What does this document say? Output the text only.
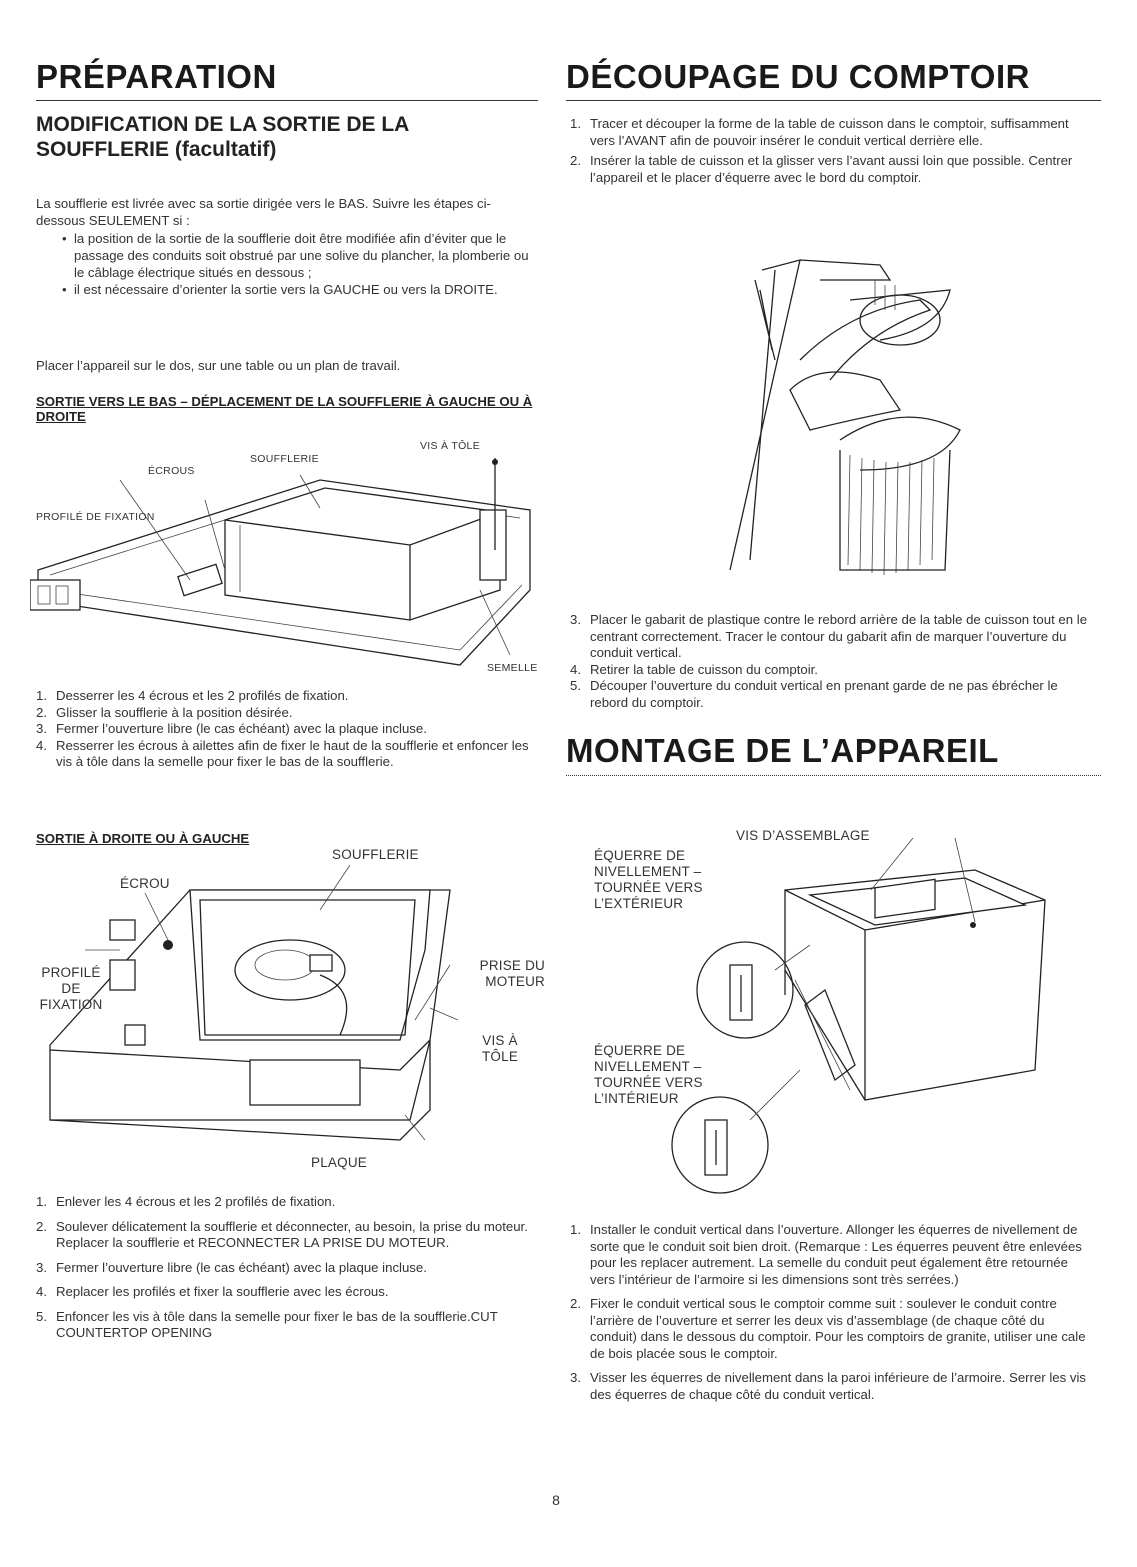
PRÉPARATION
MODIFICATION DE LA SORTIE DE LA SOUFFLERIE (facultatif)
La soufflerie est livrée avec sa sortie dirigée vers le BAS. Suivre les étapes ci-dessous SEULEMENT si :
• la position de la sortie de la soufflerie doit être modifiée afin d’éviter que le passage des conduits soit obstrué par une solive du plancher, la plomberie ou le câblage électrique situés en dessous ;
• il est nécessaire d’orienter la sortie vers la GAUCHE ou vers la DROITE.
Placer l’appareil sur le dos, sur une table ou un plan de travail.
SORTIE VERS LE BAS – DÉPLACEMENT DE LA SOUFFLERIE À GAUCHE OU À DROITE
VIS À TÔLE
SOUFFLERIE
ÉCROUS
PROFILÉ DE FIXATION
SEMELLE
1. Desserrer les 4 écrous et les 2 profilés de fixation.
2. Glisser la soufflerie à la position désirée.
3. Fermer l’ouverture libre (le cas échéant) avec la plaque incluse.
4. Resserrer les écrous à ailettes afin de fixer le haut de la soufflerie et enfoncer les vis à tôle dans la semelle pour fixer le bas de la soufflerie.
SORTIE À DROITE OU À GAUCHE
SOUFFLERIE
ÉCROU
PROFILÉ DE FIXATION
PRISE DU MOTEUR
VIS À TÔLE
PLAQUE
1. Enlever les 4 écrous et les 2 profilés de fixation.
2. Soulever délicatement la soufflerie et déconnecter, au besoin, la prise du moteur. Replacer la soufflerie et RECONNECTER LA PRISE DU MOTEUR.
3. Fermer l’ouverture libre (le cas échéant) avec la plaque incluse.
4. Replacer les profilés et fixer la soufflerie avec les écrous.
5. Enfoncer les vis à tôle dans la semelle pour fixer le bas de la soufflerie.CUT COUNTERTOP OPENING
DÉCOUPAGE DU COMPTOIR
1. Tracer et découper la forme de la table de cuisson dans le comptoir, suffisamment vers l’AVANT afin de pouvoir insérer le conduit vertical derrière elle.
2. Insérer la table de cuisson et la glisser vers l’avant aussi loin que possible. Centrer l’appareil et le placer d’équerre avec le bord du comptoir.
3. Placer le gabarit de plastique contre le rebord arrière de la table de cuisson tout en le centrant correctement. Tracer le contour du gabarit afin de marquer l’ouverture du conduit vertical.
4. Retirer la table de cuisson du comptoir.
5. Découper l’ouverture du conduit vertical en prenant garde de ne pas ébrécher le rebord du comptoir.
MONTAGE DE L’APPAREIL
VIS D’ASSEMBLAGE
ÉQUERRE DE NIVELLEMENT – TOURNÉE VERS L’EXTÉRIEUR
ÉQUERRE DE NIVELLEMENT – TOURNÉE VERS L’INTÉRIEUR
1. Installer le conduit vertical dans l’ouverture. Allonger les équerres de nivellement de sorte que le conduit soit bien droit. (Remarque : Les équerres peuvent être enlevées pour les replacer autrement. La semelle du conduit peut également être retournée vers l’intérieur de l’armoire si les dimensions sont très serrées.)
2. Fixer le conduit vertical sous le comptoir comme suit : soulever le conduit contre l’arrière de l’ouverture et serrer les deux vis d’assemblage (de chaque côté du conduit) dans le dessous du comptoir. Pour les comptoirs de granite, utiliser une cale de bois placée sous le comptoir.
3. Visser les équerres de nivellement dans la paroi inférieure de l’armoire. Serrer les vis des équerres de chaque côté du conduit vertical.
8
